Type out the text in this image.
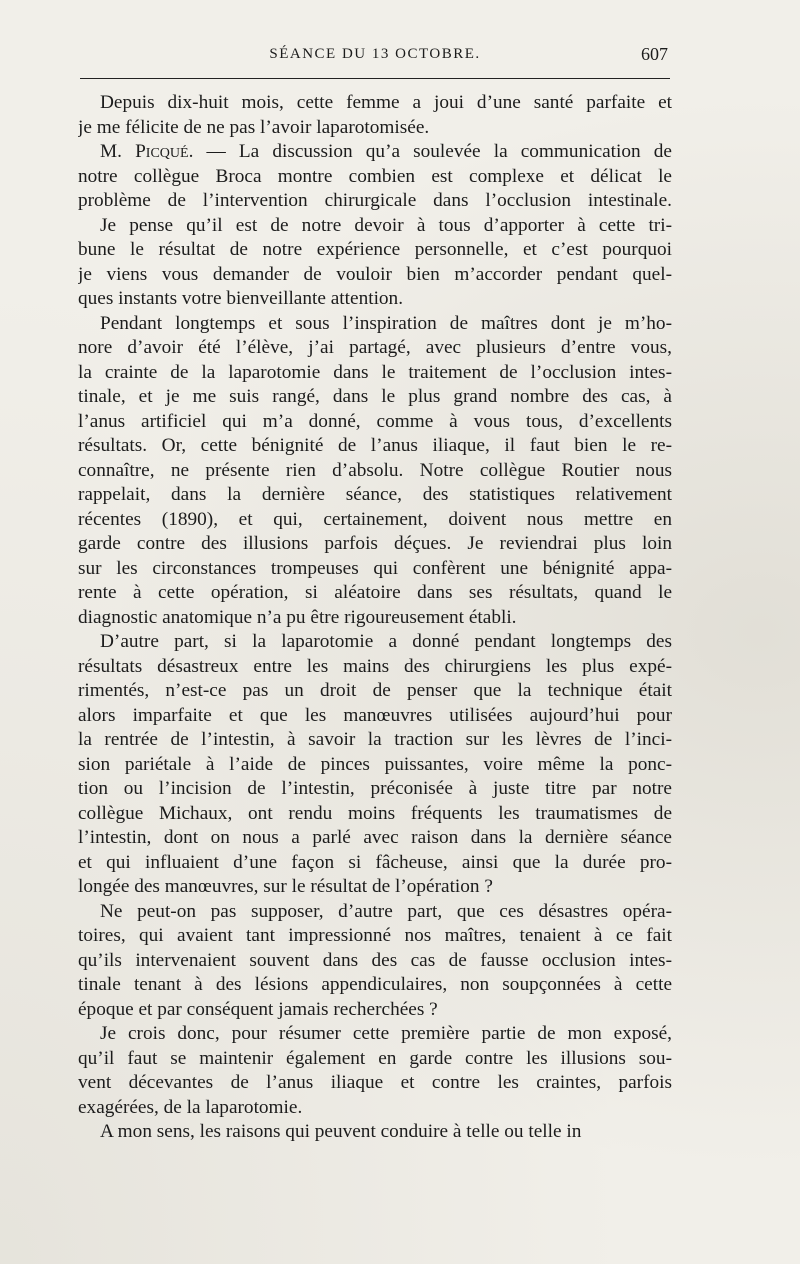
SÉANCE DU 13 OCTOBRE.	607
Depuis dix-huit mois, cette femme a joui d’une santé parfaite et
je me félicite de ne pas l’avoir laparotomisée.
M. Picqué. — La discussion qu’a soulevée la communication de
notre collègue Broca montre combien est complexe et délicat le
problème de l’intervention chirurgicale dans l’occlusion intestinale.
Je pense qu’il est de notre devoir à tous d’apporter à cette tri-
bune le résultat de notre expérience personnelle, et c’est pourquoi
je viens vous demander de vouloir bien m’accorder pendant quel-
ques instants votre bienveillante attention.
Pendant longtemps et sous l’inspiration de maîtres dont je m’ho-
nore d’avoir été l’élève, j’ai partagé, avec plusieurs d’entre vous,
la crainte de la laparotomie dans le traitement de l’occlusion intes-
tinale, et je me suis rangé, dans le plus grand nombre des cas, à
l’anus artificiel qui m’a donné, comme à vous tous, d’excellents
résultats. Or, cette bénignité de l’anus iliaque, il faut bien le re-
connaître, ne présente rien d’absolu. Notre collègue Routier nous
rappelait, dans la dernière séance, des statistiques relativement
récentes (1890), et qui, certainement, doivent nous mettre en
garde contre des illusions parfois déçues. Je reviendrai plus loin
sur les circonstances trompeuses qui confèrent une bénignité appa-
rente à cette opération, si aléatoire dans ses résultats, quand le
diagnostic anatomique n’a pu être rigoureusement établi.
D’autre part, si la laparotomie a donné pendant longtemps des
résultats désastreux entre les mains des chirurgiens les plus expé-
rimentés, n’est-ce pas un droit de penser que la technique était
alors imparfaite et que les manœuvres utilisées aujourd’hui pour
la rentrée de l’intestin, à savoir la traction sur les lèvres de l’inci-
sion pariétale à l’aide de pinces puissantes, voire même la ponc-
tion ou l’incision de l’intestin, préconisée à juste titre par notre
collègue Michaux, ont rendu moins fréquents les traumatismes de
l’intestin, dont on nous a parlé avec raison dans la dernière séance
et qui influaient d’une façon si fâcheuse, ainsi que la durée pro-
longée des manœuvres, sur le résultat de l’opération ?
Ne peut-on pas supposer, d’autre part, que ces désastres opéra-
toires, qui avaient tant impressionné nos maîtres, tenaient à ce fait
qu’ils intervenaient souvent dans des cas de fausse occlusion intes-
tinale tenant à des lésions appendiculaires, non soupçonnées à cette
époque et par conséquent jamais recherchées ?
Je crois donc, pour résumer cette première partie de mon exposé,
qu’il faut se maintenir également en garde contre les illusions sou-
vent décevantes de l’anus iliaque et contre les craintes, parfois
exagérées, de la laparotomie.
A mon sens, les raisons qui peuvent conduire à telle ou telle in
